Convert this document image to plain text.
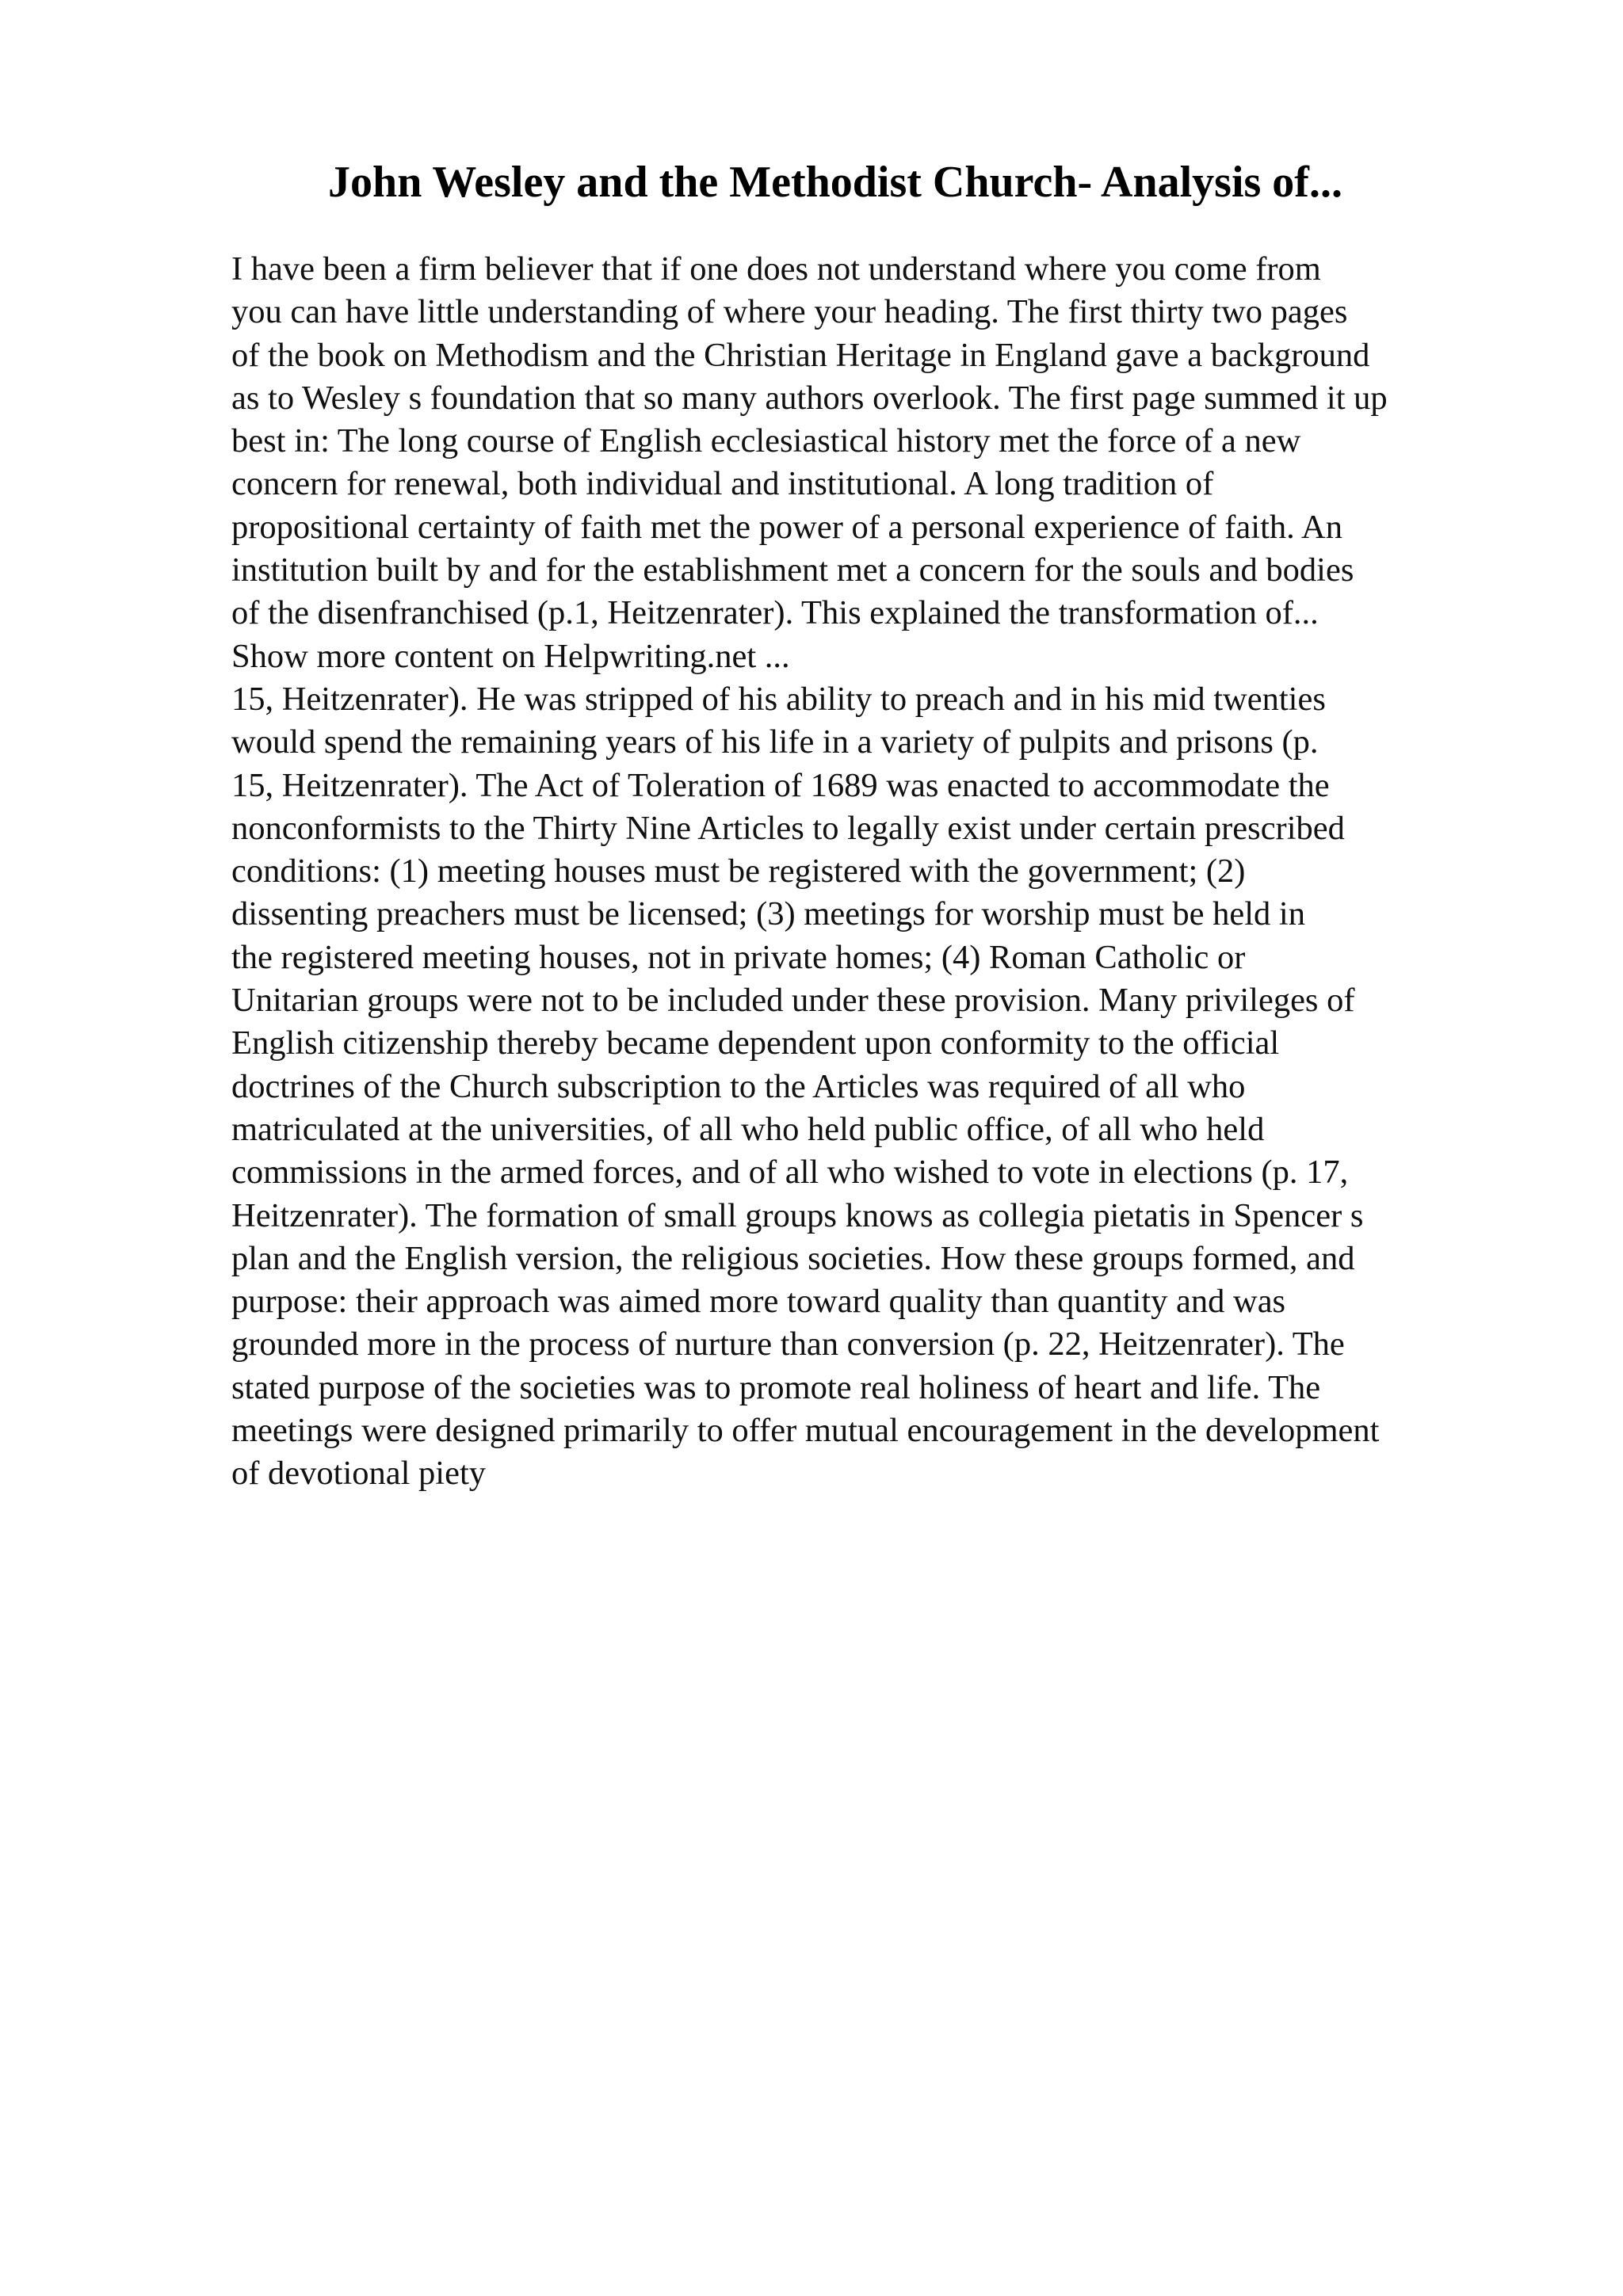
John Wesley and the Methodist Church- Analysis of...
I have been a firm believer that if one does not understand where you come from
you can have little understanding of where your heading. The first thirty two pages
of the book on Methodism and the Christian Heritage in England gave a background
as to Wesley s foundation that so many authors overlook. The first page summed it up
best in: The long course of English ecclesiastical history met the force of a new
concern for renewal, both individual and institutional. A long tradition of
propositional certainty of faith met the power of a personal experience of faith. An
institution built by and for the establishment met a concern for the souls and bodies
of the disenfranchised (p.1, Heitzenrater). This explained the transformation of...
Show more content on Helpwriting.net ...
15, Heitzenrater). He was stripped of his ability to preach and in his mid twenties
would spend the remaining years of his life in a variety of pulpits and prisons (p.
15, Heitzenrater). The Act of Toleration of 1689 was enacted to accommodate the
nonconformists to the Thirty Nine Articles to legally exist under certain prescribed
conditions: (1) meeting houses must be registered with the government; (2)
dissenting preachers must be licensed; (3) meetings for worship must be held in
the registered meeting houses, not in private homes; (4) Roman Catholic or
Unitarian groups were not to be included under these provision. Many privileges of
English citizenship thereby became dependent upon conformity to the official
doctrines of the Church subscription to the Articles was required of all who
matriculated at the universities, of all who held public office, of all who held
commissions in the armed forces, and of all who wished to vote in elections (p. 17,
Heitzenrater). The formation of small groups knows as collegia pietatis in Spencer s
plan and the English version, the religious societies. How these groups formed, and
purpose: their approach was aimed more toward quality than quantity and was
grounded more in the process of nurture than conversion (p. 22, Heitzenrater). The
stated purpose of the societies was to promote real holiness of heart and life. The
meetings were designed primarily to offer mutual encouragement in the development
of devotional piety
